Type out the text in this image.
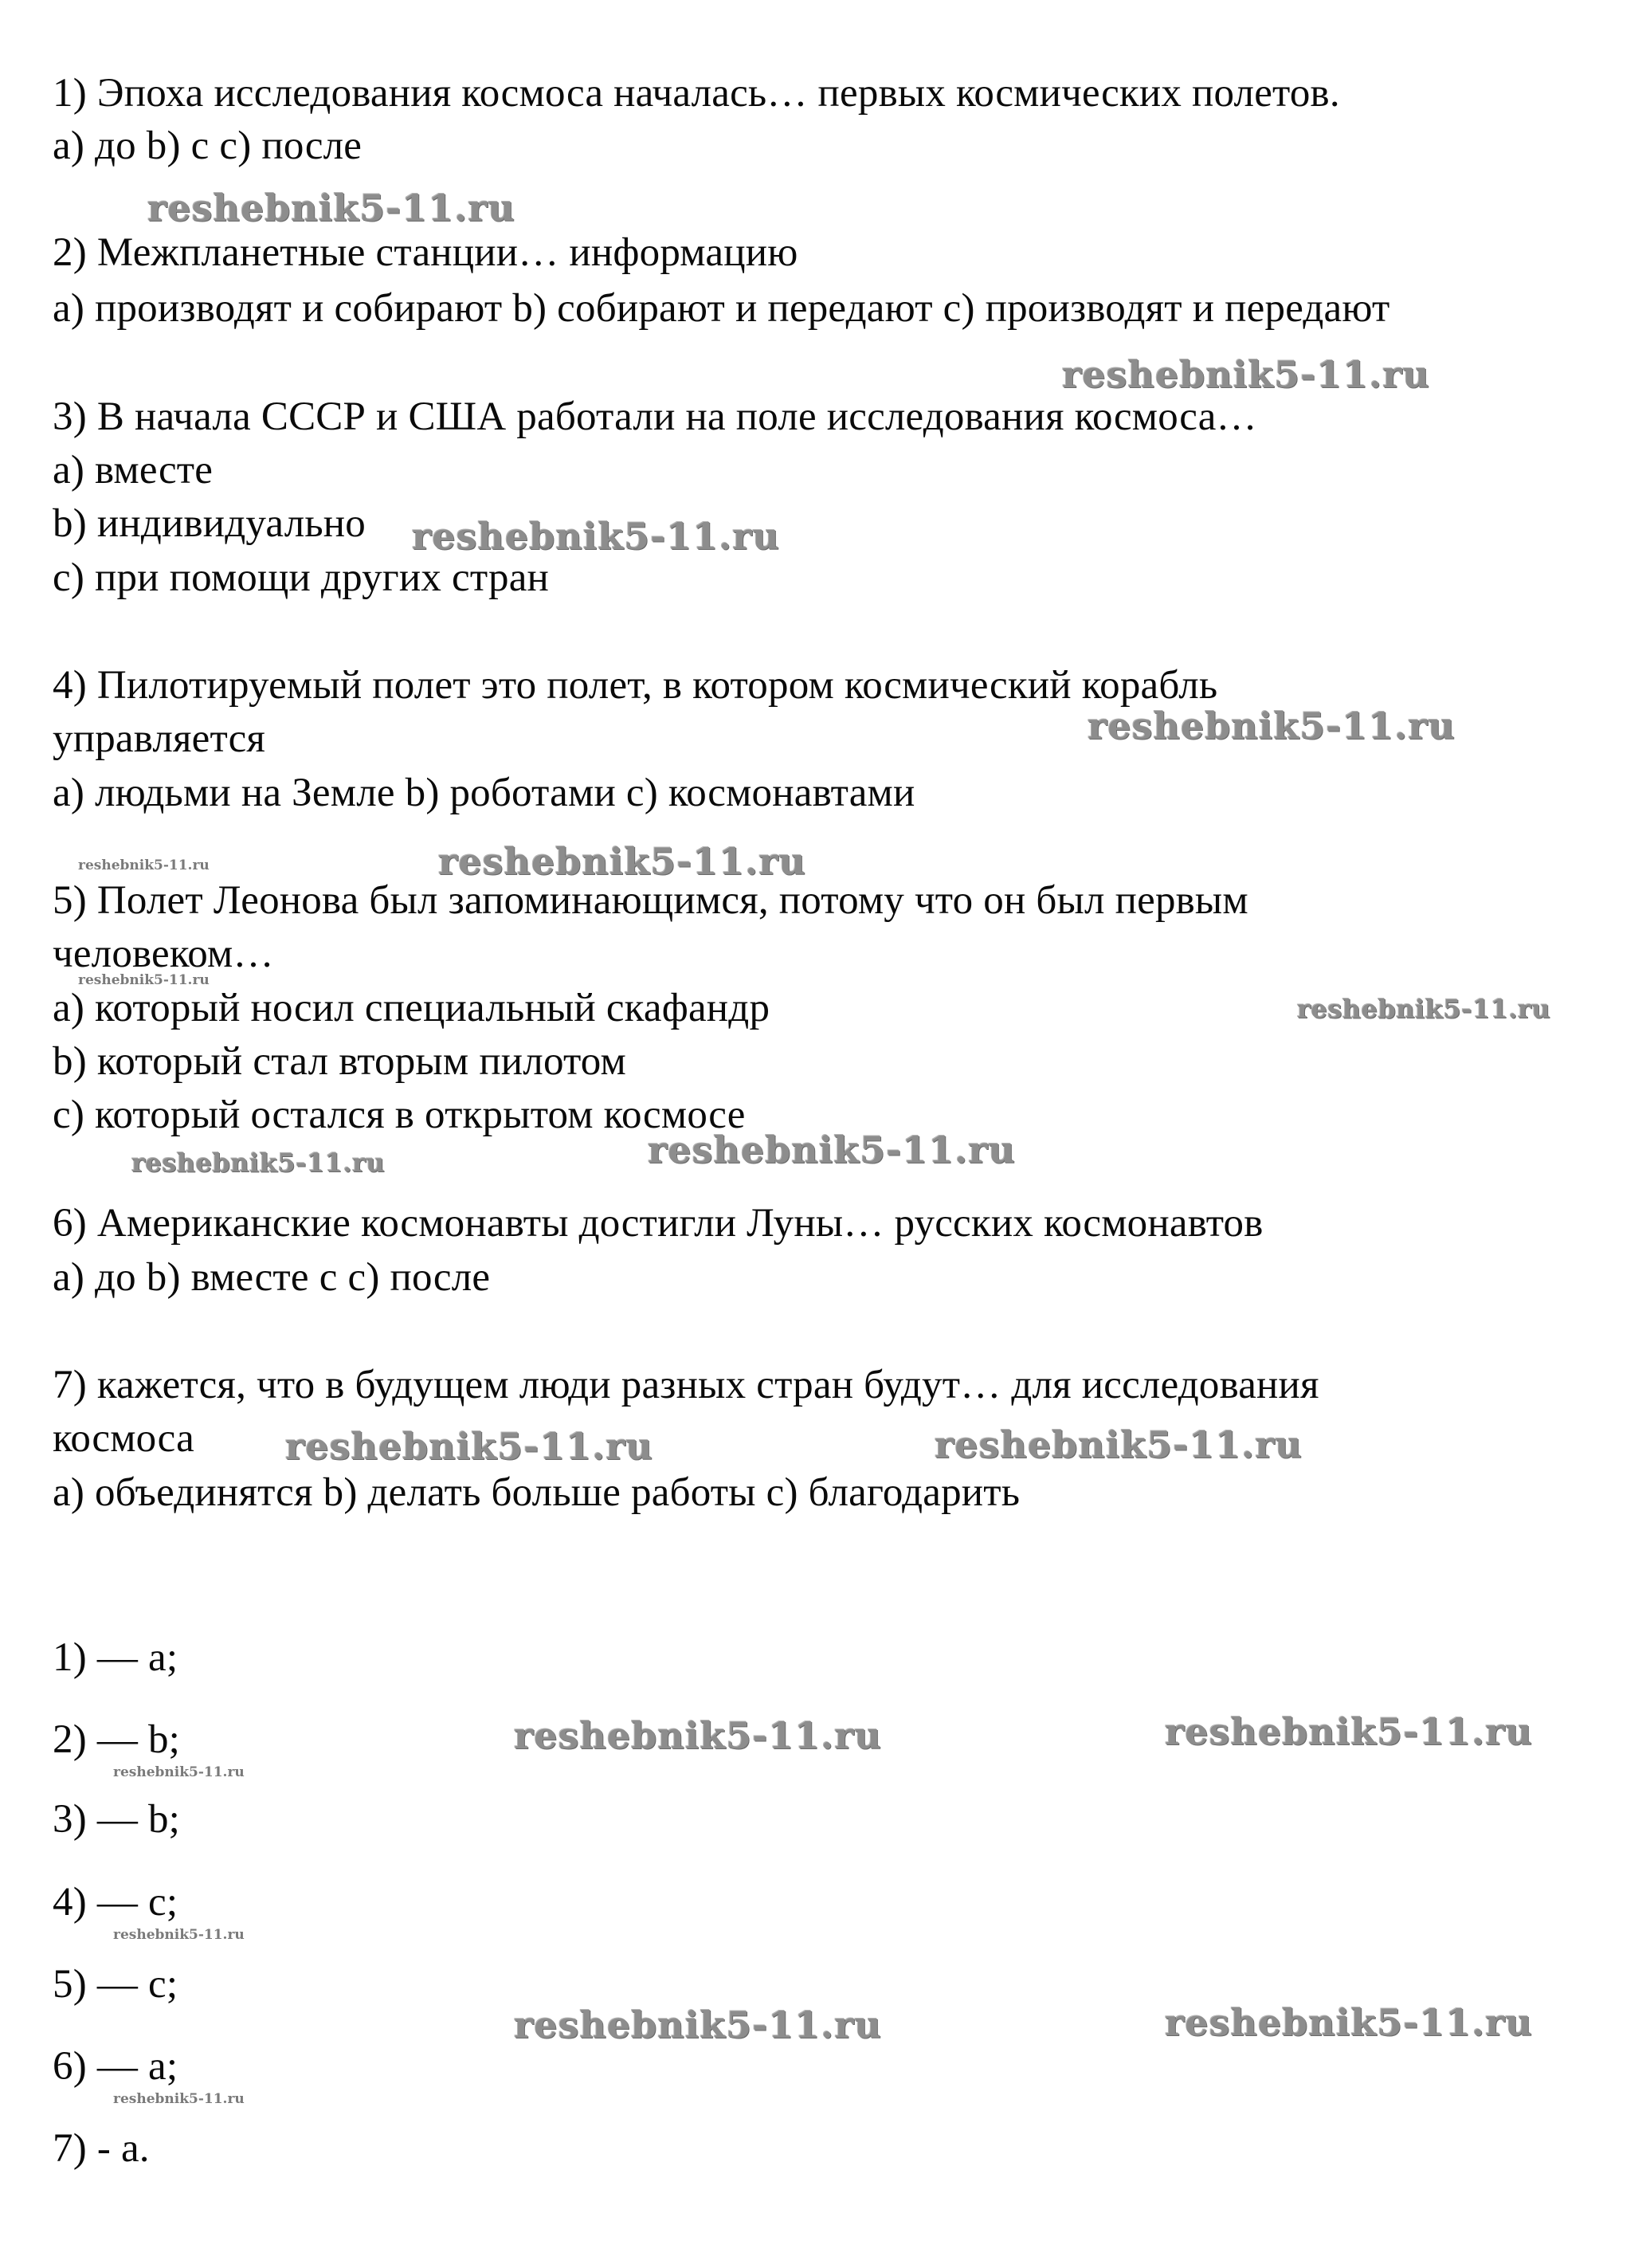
1) Эпоха исследования космоса началась… первых космических полетов.
a) до b) с c) после
2) Межпланетные станции… информацию
a) производят и собирают b) собирают и передают c) производят и передают
3) В начала СССР и США работали на поле исследования космоса…
a) вместе
b) индивидуально
c) при помощи других стран
4) Пилотируемый полет это полет, в котором космический корабль
управляется
a) людьми на Земле b) роботами c) космонавтами
5) Полет Леонова был запоминающимся, потому что он был первым
человеком…
a) который носил специальный скафандр
b) который стал вторым пилотом
c) который остался в открытом космосе
6) Американские космонавты достигли Луны… русских космонавтов
a) до b) вместе с c) после
7) кажется, что в будущем люди разных стран будут… для исследования
космоса
a) объединятся b) делать больше работы c) благодарить
1) — a;
2) — b;
3) — b;
4) — c;
5) — c;
6) — a;
7) - a.
reshebnik5-11.ru
reshebnik5-11.ru
reshebnik5-11.ru
reshebnik5-11.ru
reshebnik5-11.ru
reshebnik5-11.ru
reshebnik5-11.ru
reshebnik5-11.ru
reshebnik5-11.ru	reshebnik5-11.ru
reshebnik5-11.ru	reshebnik5-11.ru
reshebnik5-11.ru	reshebnik5-11.ru
reshebnik5-11.ru
reshebnik5-11.ru
reshebnik5-11.ru	reshebnik5-11.ru
reshebnik5-11.ru
